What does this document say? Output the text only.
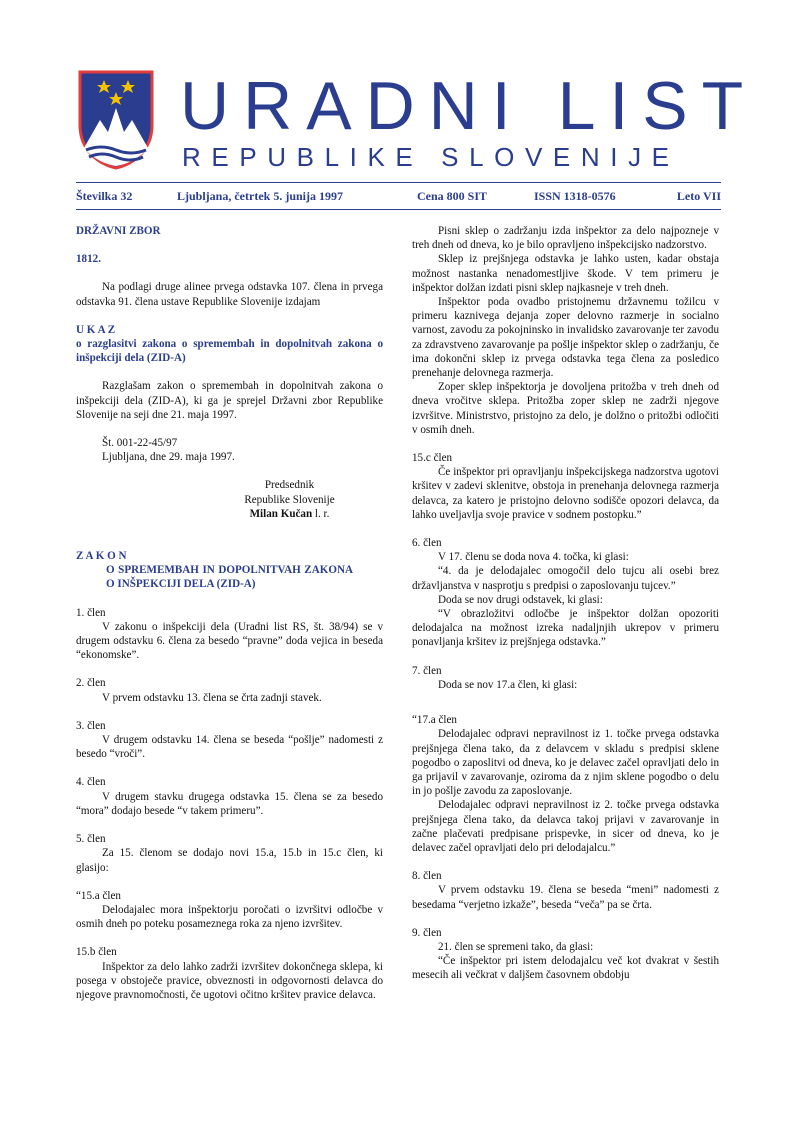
URADNI LIST
REPUBLIKE SLOVENIJE
Številka 32	Ljubljana, četrtek 5. junija 1997	Cena 800 SIT	ISSN 1318-0576	Leto VII

DRŽAVNI ZBOR

1812.

Na podlagi druge alinee prvega odstavka 107. člena in prvega odstavka 91. člena ustave Republike Slovenije izdajam

U K A Z

o razglasitvi zakona o spremembah in dopolnitvah zakona o inšpekciji dela (ZID-A)

Razglašam zakon o spremembah in dopolnitvah zakona o inšpekciji dela (ZID-A), ki ga je sprejel Državni zbor Republike Slovenije na seji dne 21. maja 1997.

Št. 001-22-45/97

Ljubljana, dne 29. maja 1997.

Predsednik

Republike Slovenije

Milan Kučan l. r.

Z A K O N

O SPREMEMBAH IN DOPOLNITVAH ZAKONA O INŠPEKCIJI DELA (ZID-A)

1. člen

V zakonu o inšpekciji dela (Uradni list RS, št. 38/94) se v drugem odstavku 6. člena za besedo “pravne” doda vejica in beseda “ekonomske”.

2. člen

V prvem odstavku 13. člena se črta zadnji stavek.

3. člen

V drugem odstavku 14. člena se beseda “pošlje” nadomesti z besedo “vroči”.

4. člen

V drugem stavku drugega odstavka 15. člena se za besedo “mora” dodajo besede “v takem primeru”.

5. člen

Za 15. členom se dodajo novi 15.a, 15.b in 15.c člen, ki glasijo:

“15.a člen

Delodajalec mora inšpektorju poročati o izvršitvi odločbe v osmih dneh po poteku posameznega roka za njeno izvršitev.

15.b člen

Inšpektor za delo lahko zadrži izvršitev dokončnega sklepa, ki posega v obstoječe pravice, obveznosti in odgovornosti delavca do njegove pravnomočnosti, če ugotovi očitno kršitev pravice delavca.

Pisni sklep o zadržanju izda inšpektor za delo najpozneje v treh dneh od dneva, ko je bilo opravljeno inšpekcijsko nadzorstvo.

Sklep iz prejšnjega odstavka je lahko usten, kadar obstaja možnost nastanka nenadomestljive škode. V tem primeru je inšpektor dolžan izdati pisni sklep najkasneje v treh dneh.

Inšpektor poda ovadbo pristojnemu državnemu tožilcu v primeru kaznivega dejanja zoper delovno razmerje in socialno varnost, zavodu za pokojninsko in invalidsko zavarovanje ter zavodu za zdravstveno zavarovanje pa pošlje inšpektor sklep o zadržanju, če ima dokončni sklep iz prvega odstavka tega člena za posledico prenehanje delovnega razmerja.

Zoper sklep inšpektorja je dovoljena pritožba v treh dneh od dneva vročitve sklepa. Pritožba zoper sklep ne zadrži njegove izvršitve. Ministrstvo, pristojno za delo, je dolžno o pritožbi odločiti v osmih dneh.

15.c člen

Če inšpektor pri opravljanju inšpekcijskega nadzorstva ugotovi kršitev v zadevi sklenitve, obstoja in prenehanja delovnega razmerja delavca, za katero je pristojno delovno sodišče opozori delavca, da lahko uveljavlja svoje pravice v sodnem postopku.”

6. člen

V 17. členu se doda nova 4. točka, ki glasi:

“4. da je delodajalec omogočil delo tujcu ali osebi brez državljanstva v nasprotju s predpisi o zaposlovanju tujcev.”

Doda se nov drugi odstavek, ki glasi:

“V obrazložitvi odločbe je inšpektor dolžan opozoriti delodajalca na možnost izreka nadaljnjih ukrepov v primeru ponavljanja kršitev iz prejšnjega odstavka.”

7. člen

Doda se nov 17.a člen, ki glasi:

“17.a člen

Delodajalec odpravi nepravilnost iz 1. točke prvega odstavka prejšnjega člena tako, da z delavcem v skladu s predpisi sklene pogodbo o zaposlitvi od dneva, ko je delavec začel opravljati delo in ga prijavil v zavarovanje, oziroma da z njim sklene pogodbo o delu in jo pošlje zavodu za zaposlovanje.

Delodajalec odpravi nepravilnost iz 2. točke prvega odstavka prejšnjega člena tako, da delavca takoj prijavi v zavarovanje in začne plačevati predpisane prispevke, in sicer od dneva, ko je delavec začel opravljati delo pri delodajalcu.”

8. člen

V prvem odstavku 19. člena se beseda “meni” nadomesti z besedama “verjetno izkaže”, beseda “veča” pa se črta.

9. člen

21. člen se spremeni tako, da glasi:

“Če inšpektor pri istem delodajalcu več kot dvakrat v šestih mesecih ali večkrat v daljšem časovnem obdobju
